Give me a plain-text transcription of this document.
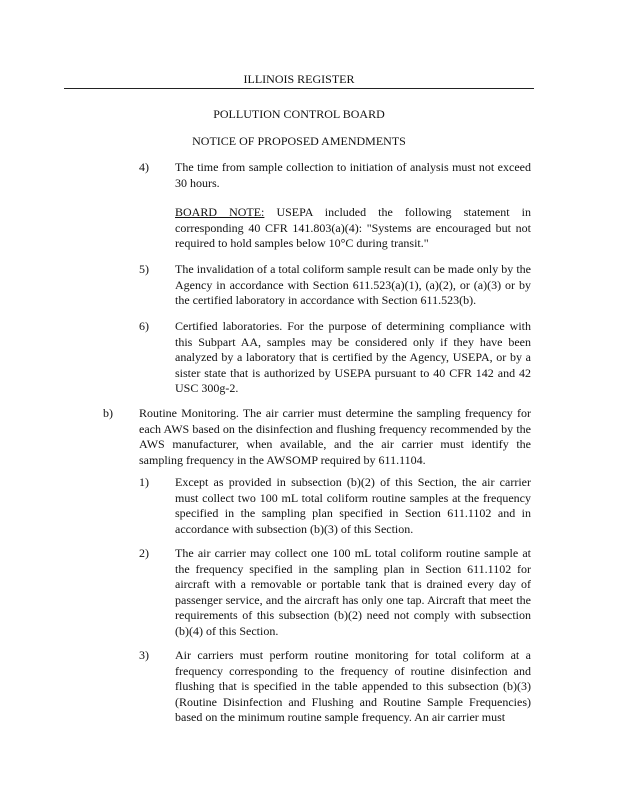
ILLINOIS REGISTER
POLLUTION CONTROL BOARD
NOTICE OF PROPOSED AMENDMENTS
4) The time from sample collection to initiation of analysis must not exceed 30 hours.

BOARD NOTE: USEPA included the following statement in corresponding 40 CFR 141.803(a)(4): "Systems are encouraged but not required to hold samples below 10°C during transit."

5) The invalidation of a total coliform sample result can be made only by the Agency in accordance with Section 611.523(a)(1), (a)(2), or (a)(3) or by the certified laboratory in accordance with Section 611.523(b).

6) Certified laboratories. For the purpose of determining compliance with this Subpart AA, samples may be considered only if they have been analyzed by a laboratory that is certified by the Agency, USEPA, or by a sister state that is authorized by USEPA pursuant to 40 CFR 142 and 42 USC 300g-2.

b) Routine Monitoring. The air carrier must determine the sampling frequency for each AWS based on the disinfection and flushing frequency recommended by the AWS manufacturer, when available, and the air carrier must identify the sampling frequency in the AWSOMP required by 611.1104.

1) Except as provided in subsection (b)(2) of this Section, the air carrier must collect two 100 mL total coliform routine samples at the frequency specified in the sampling plan specified in Section 611.1102 and in accordance with subsection (b)(3) of this Section.

2) The air carrier may collect one 100 mL total coliform routine sample at the frequency specified in the sampling plan in Section 611.1102 for aircraft with a removable or portable tank that is drained every day of passenger service, and the aircraft has only one tap. Aircraft that meet the requirements of this subsection (b)(2) need not comply with subsection (b)(4) of this Section.

3) Air carriers must perform routine monitoring for total coliform at a frequency corresponding to the frequency of routine disinfection and flushing that is specified in the table appended to this subsection (b)(3) (Routine Disinfection and Flushing and Routine Sample Frequencies) based on the minimum routine sample frequency. An air carrier must
